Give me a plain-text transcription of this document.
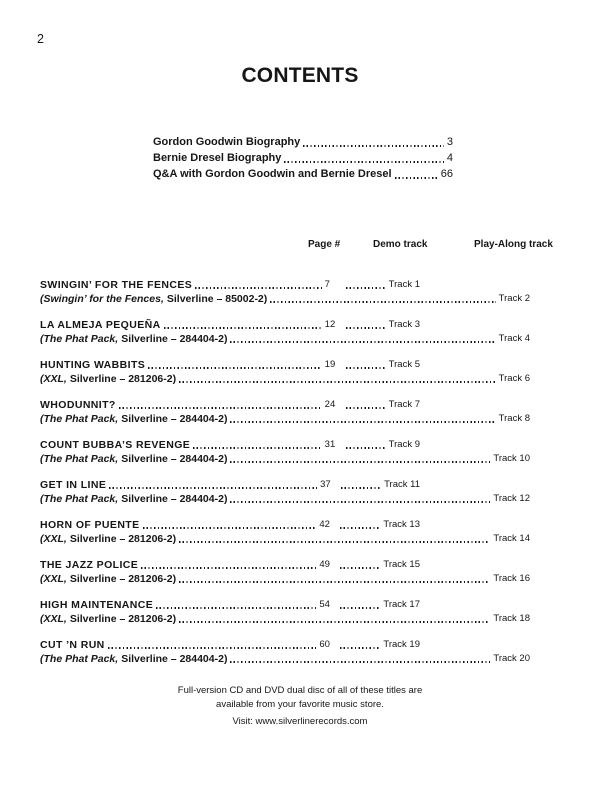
2
CONTENTS
Gordon Goodwin Biography	3
Bernie Dresel Biography	4
Q&A with Gordon Goodwin and Bernie Dresel	66
Page #	Demo track	Play-Along track
SWINGIN’ FOR THE FENCES	7	Track 1
(Swingin’ for the Fences, Silverline – 85002-2)	Track 2
LA ALMEJA PEQUEÑA	12	Track 3
(The Phat Pack, Silverline – 284404-2)	Track 4
HUNTING WABBITS	19	Track 5
(XXL, Silverline – 281206-2)	Track 6
WHODUNNIT?	24	Track 7
(The Phat Pack, Silverline – 284404-2)	Track 8
COUNT BUBBA’S REVENGE	31	Track 9
(The Phat Pack, Silverline – 284404-2)	Track 10
GET IN LINE	37	Track 11
(The Phat Pack, Silverline – 284404-2)	Track 12
HORN OF PUENTE	42	Track 13
(XXL, Silverline – 281206-2)	Track 14
THE JAZZ POLICE	49	Track 15
(XXL, Silverline – 281206-2)	Track 16
HIGH MAINTENANCE	54	Track 17
(XXL, Silverline – 281206-2)	Track 18
CUT ’N RUN	60	Track 19
(The Phat Pack, Silverline – 284404-2)	Track 20
Full-version CD and DVD dual disc of all of these titles are
available from your favorite music store.
Visit: www.silverlinerecords.com
